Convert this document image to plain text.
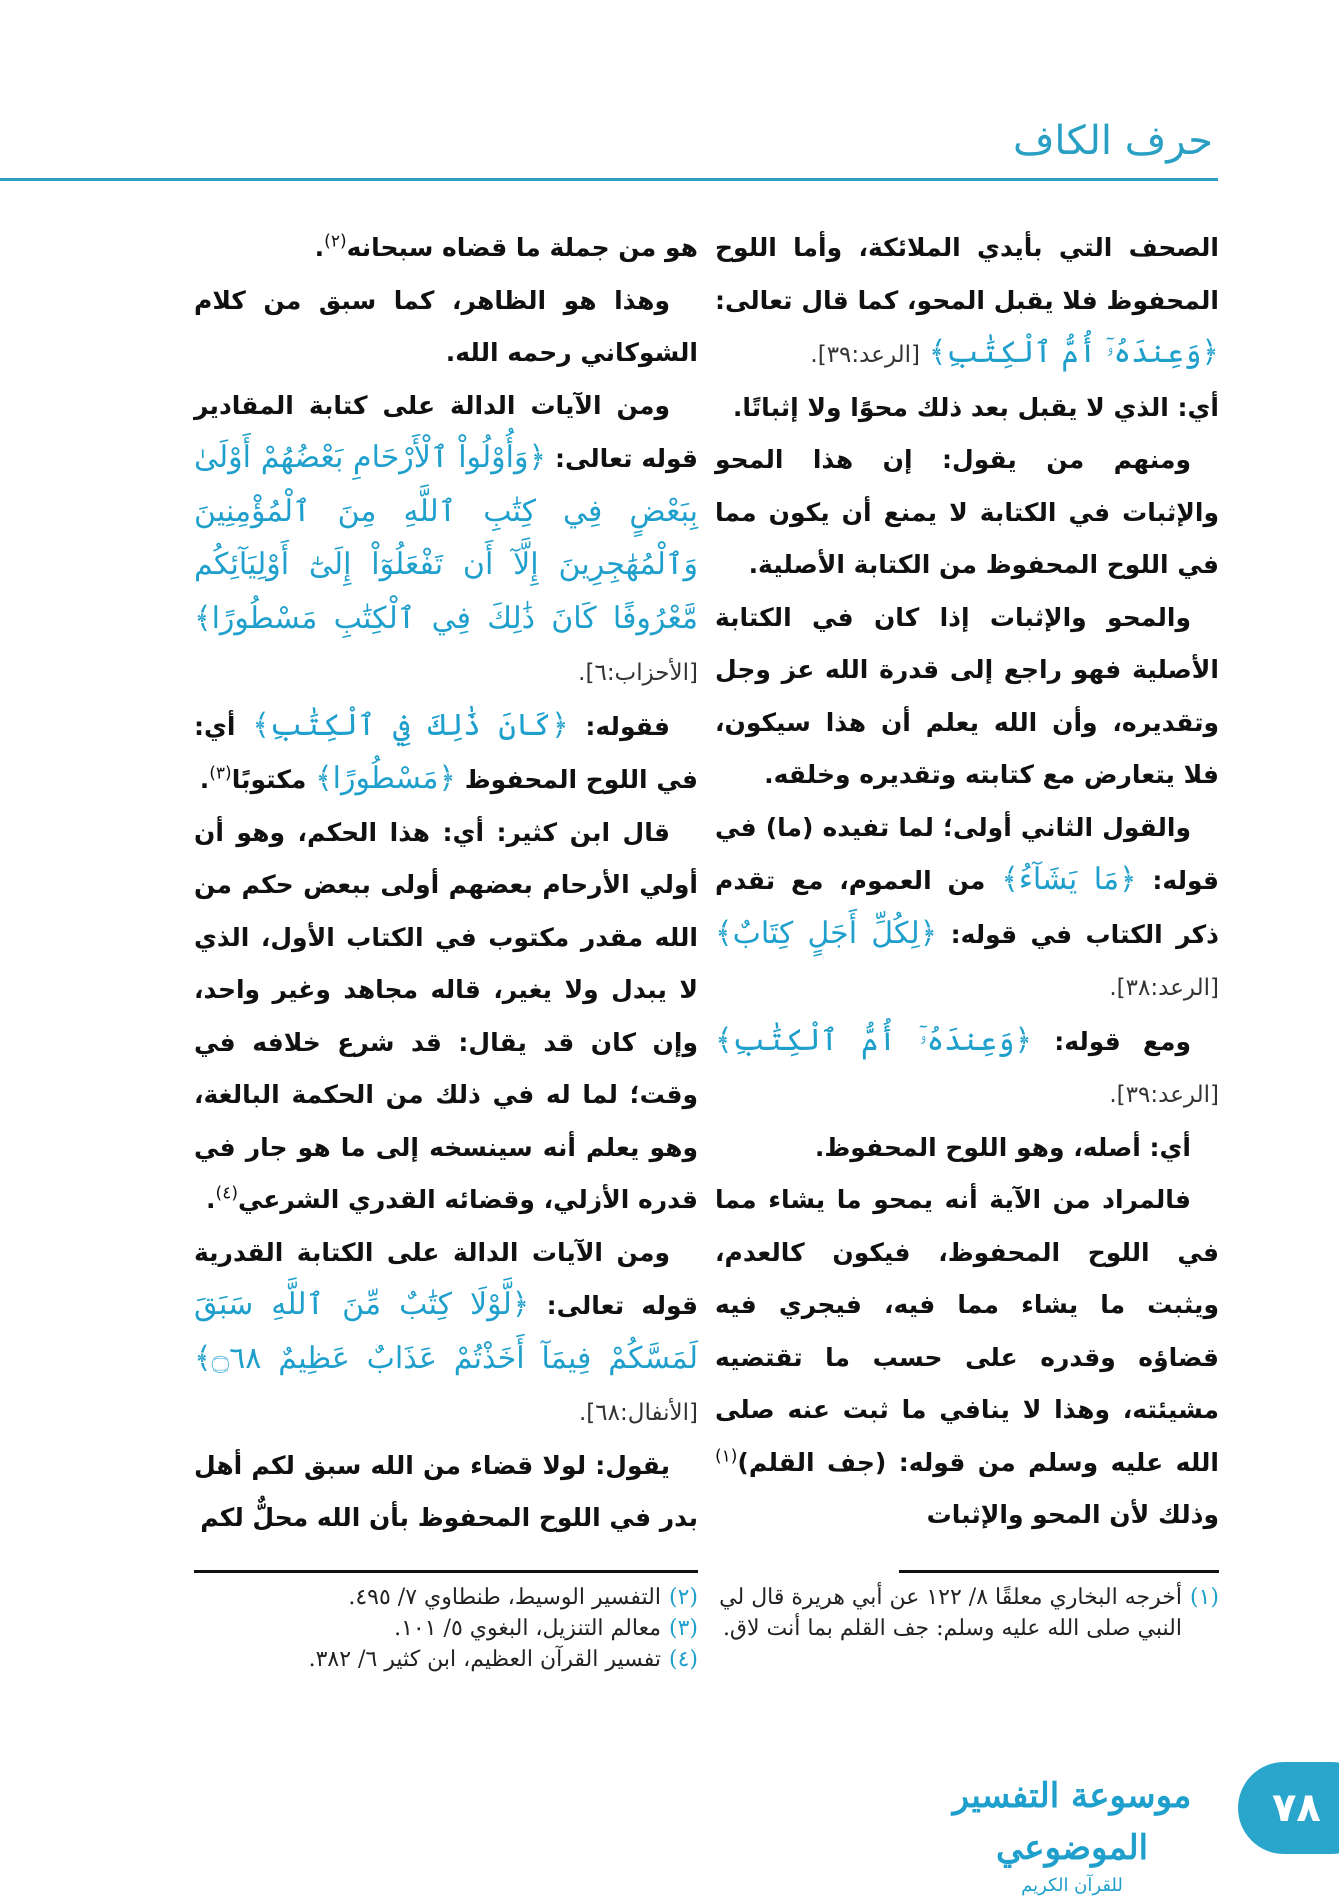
حرف الكاف

الصحف التي بأيدي الملائكة، وأما اللوح المحفوظ فلا يقبل المحو، كما قال تعالى: ﴿وَعِندَهُۥٓ أُمُّ ٱلْكِتَٰبِ﴾ [الرعد:٣٩].

أي: الذي لا يقبل بعد ذلك محوًا ولا إثباتًا.

ومنهم من يقول: إن هذا المحو والإثبات في الكتابة لا يمنع أن يكون مما في اللوح المحفوظ من الكتابة الأصلية.

والمحو والإثبات إذا كان في الكتابة الأصلية فهو راجع إلى قدرة الله عز وجل وتقديره، وأن الله يعلم أن هذا سيكون، فلا يتعارض مع كتابته وتقديره وخلقه.

والقول الثاني أولى؛ لما تفيده (ما) في قوله: ﴿مَا يَشَآءُ﴾ من العموم، مع تقدم ذكر الكتاب في قوله: ﴿لِكُلِّ أَجَلٍ كِتَابٌ﴾ [الرعد:٣٨].

ومع قوله: ﴿وَعِندَهُۥٓ أُمُّ ٱلْكِتَٰبِ﴾ [الرعد:٣٩].

أي: أصله، وهو اللوح المحفوظ.

فالمراد من الآية أنه يمحو ما يشاء مما في اللوح المحفوظ، فيكون كالعدم، ويثبت ما يشاء مما فيه، فيجري فيه قضاؤه وقدره على حسب ما تقتضيه مشيئته، وهذا لا ينافي ما ثبت عنه صلى الله عليه وسلم من قوله: (جف القلم)$^{(١)}$ وذلك لأن المحو والإثبات

هو من جملة ما قضاه سبحانه$^{(٢)}$.

وهذا هو الظاهر، كما سبق من كلام الشوكاني رحمه الله.

ومن الآيات الدالة على كتابة المقادير قوله تعالى: ﴿وَأُوْلُواْ ٱلْأَرْحَامِ بَعْضُهُمْ أَوْلَىٰ بِبَعْضٍ فِي كِتَٰبِ ٱللَّهِ مِنَ ٱلْمُؤْمِنِينَ وَٱلْمُهَٰجِرِينَ إِلَّآ أَن تَفْعَلُوٓاْ إِلَىٰٓ أَوْلِيَآئِكُم مَّعْرُوفًا كَانَ ذَٰلِكَ فِي ٱلْكِتَٰبِ مَسْطُورًا﴾ [الأحزاب:٦].

فقوله: ﴿كَانَ ذَٰلِكَ فِي ٱلْكِتَٰبِ﴾ أي: في اللوح المحفوظ ﴿مَسْطُورًا﴾ مكتوبًا$^{(٣)}$.

قال ابن كثير: أي: هذا الحكم، وهو أن أولي الأرحام بعضهم أولى ببعض حكم من الله مقدر مكتوب في الكتاب الأول، الذي لا يبدل ولا يغير، قاله مجاهد وغير واحد، وإن كان قد يقال: قد شرع خلافه في وقت؛ لما له في ذلك من الحكمة البالغة، وهو يعلم أنه سينسخه إلى ما هو جار في قدره الأزلي، وقضائه القدري الشرعي$^{(٤)}$.

ومن الآيات الدالة على الكتابة القدرية قوله تعالى: ﴿لَّوْلَا كِتَٰبٌ مِّنَ ٱللَّهِ سَبَقَ لَمَسَّكُمْ فِيمَآ أَخَذْتُمْ عَذَابٌ عَظِيمٌ ۝٦٨﴾ [الأنفال:٦٨].

يقول: لولا قضاء من الله سبق لكم أهل بدر في اللوح المحفوظ بأن الله محلٌّ لكم

(١)
أخرجه البخاري معلقًا ٨/ ١٢٢ عن أبي هريرة قال لي النبي صلى الله عليه وسلم: جف القلم بما أنت لاق.
(٢)
التفسير الوسيط، طنطاوي ٧/ ٤٩٥.
(٣)
معالم التنزيل، البغوي ٥/ ١٠١.
(٤)
تفسير القرآن العظيم، ابن كثير ٦/ ٣٨٢.
موسوعة التفسير الموضوعي
للقرآن الكريم
٧٨
